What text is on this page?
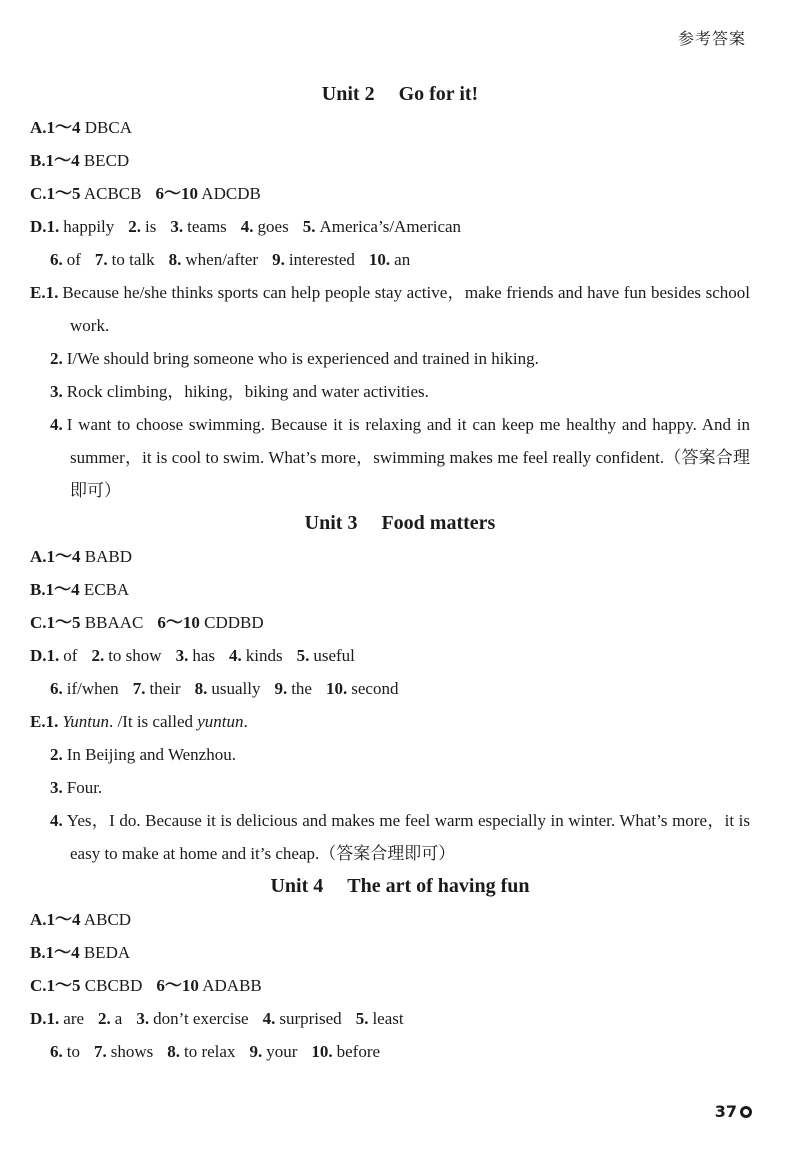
参考答案
Unit 2 Go for it!
A.1～4 DBCA
B.1～4 BECD
C.1～5 ACBCB 6～10 ADCDB
D.1. happily 2. is 3. teams 4. goes 5. America’s/American
6. of 7. to talk 8. when/after 9. interested 10. an
E.1. Because he/she thinks sports can help people stay active，make friends and have fun besides school work.
2. I/We should bring someone who is experienced and trained in hiking.
3. Rock climbing，hiking，biking and water activities.
4. I want to choose swimming. Because it is relaxing and it can keep me healthy and happy. And in summer，it is cool to swim. What’s more，swimming makes me feel really confident.（答案合理即可）
Unit 3 Food matters
A.1～4 BABD
B.1～4 ECBA
C.1～5 BBAAC 6～10 CDDBD
D.1. of 2. to show 3. has 4. kinds 5. useful
6. if/when 7. their 8. usually 9. the 10. second
E.1. Yuntun. /It is called yuntun.
2. In Beijing and Wenzhou.
3. Four.
4. Yes，I do. Because it is delicious and makes me feel warm especially in winter. What’s more，it is easy to make at home and it’s cheap.（答案合理即可）
Unit 4 The art of having fun
A.1～4 ABCD
B.1～4 BEDA
C.1～5 CBCBD 6～10 ADABB
D.1. are 2. a 3. don’t exercise 4. surprised 5. least
6. to 7. shows 8. to relax 9. your 10. before
37
